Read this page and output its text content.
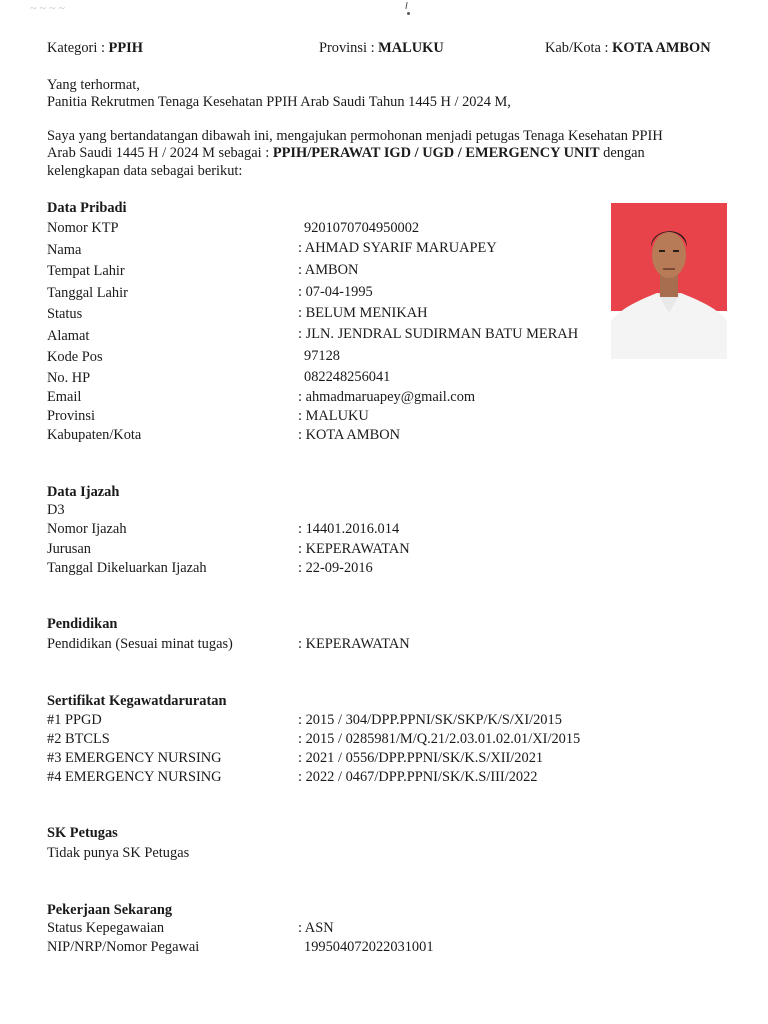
~ ~ ~ ~
Kategori : PPIH	Provinsi : MALUKU	Kab/Kota : KOTA AMBON
Yang terhormat,
Panitia Rekrutmen Tenaga Kesehatan PPIH Arab Saudi Tahun 1445 H / 2024 M,
Saya yang bertandatangan dibawah ini, mengajukan permohonan menjadi petugas Tenaga Kesehatan PPIH
Arab Saudi 1445 H / 2024 M sebagai : PPIH/PERAWAT IGD / UGD / EMERGENCY UNIT dengan
kelengkapan data sebagai berikut:
Data Pribadi
Nomor KTP	9201070704950002
Nama	: AHMAD SYARIF MARUAPEY
Tempat Lahir	: AMBON
Tanggal Lahir	: 07-04-1995
Status	: BELUM MENIKAH
Alamat	: JLN. JENDRAL SUDIRMAN BATU MERAH
Kode Pos	97128
No. HP	082248256041
Email	: ahmadmaruapey@gmail.com
Provinsi	: MALUKU
Kabupaten/Kota	: KOTA AMBON
Data Ijazah
D3
Nomor Ijazah	: 14401.2016.014
Jurusan	: KEPERAWATAN
Tanggal Dikeluarkan Ijazah	: 22-09-2016
Pendidikan
Pendidikan (Sesuai minat tugas)	: KEPERAWATAN
Sertifikat Kegawatdaruratan
#1 PPGD	: 2015 / 304/DPP.PPNI/SK/SKP/K/S/XI/2015
#2 BTCLS	: 2015 / 0285981/M/Q.21/2.03.01.02.01/XI/2015
#3 EMERGENCY NURSING	: 2021 / 0556/DPP.PPNI/SK/K.S/XII/2021
#4 EMERGENCY NURSING	: 2022 / 0467/DPP.PPNI/SK/K.S/III/2022
SK Petugas
Tidak punya SK Petugas
Pekerjaan Sekarang
Status Kepegawaian	: ASN
NIP/NRP/Nomor Pegawai	199504072022031001
